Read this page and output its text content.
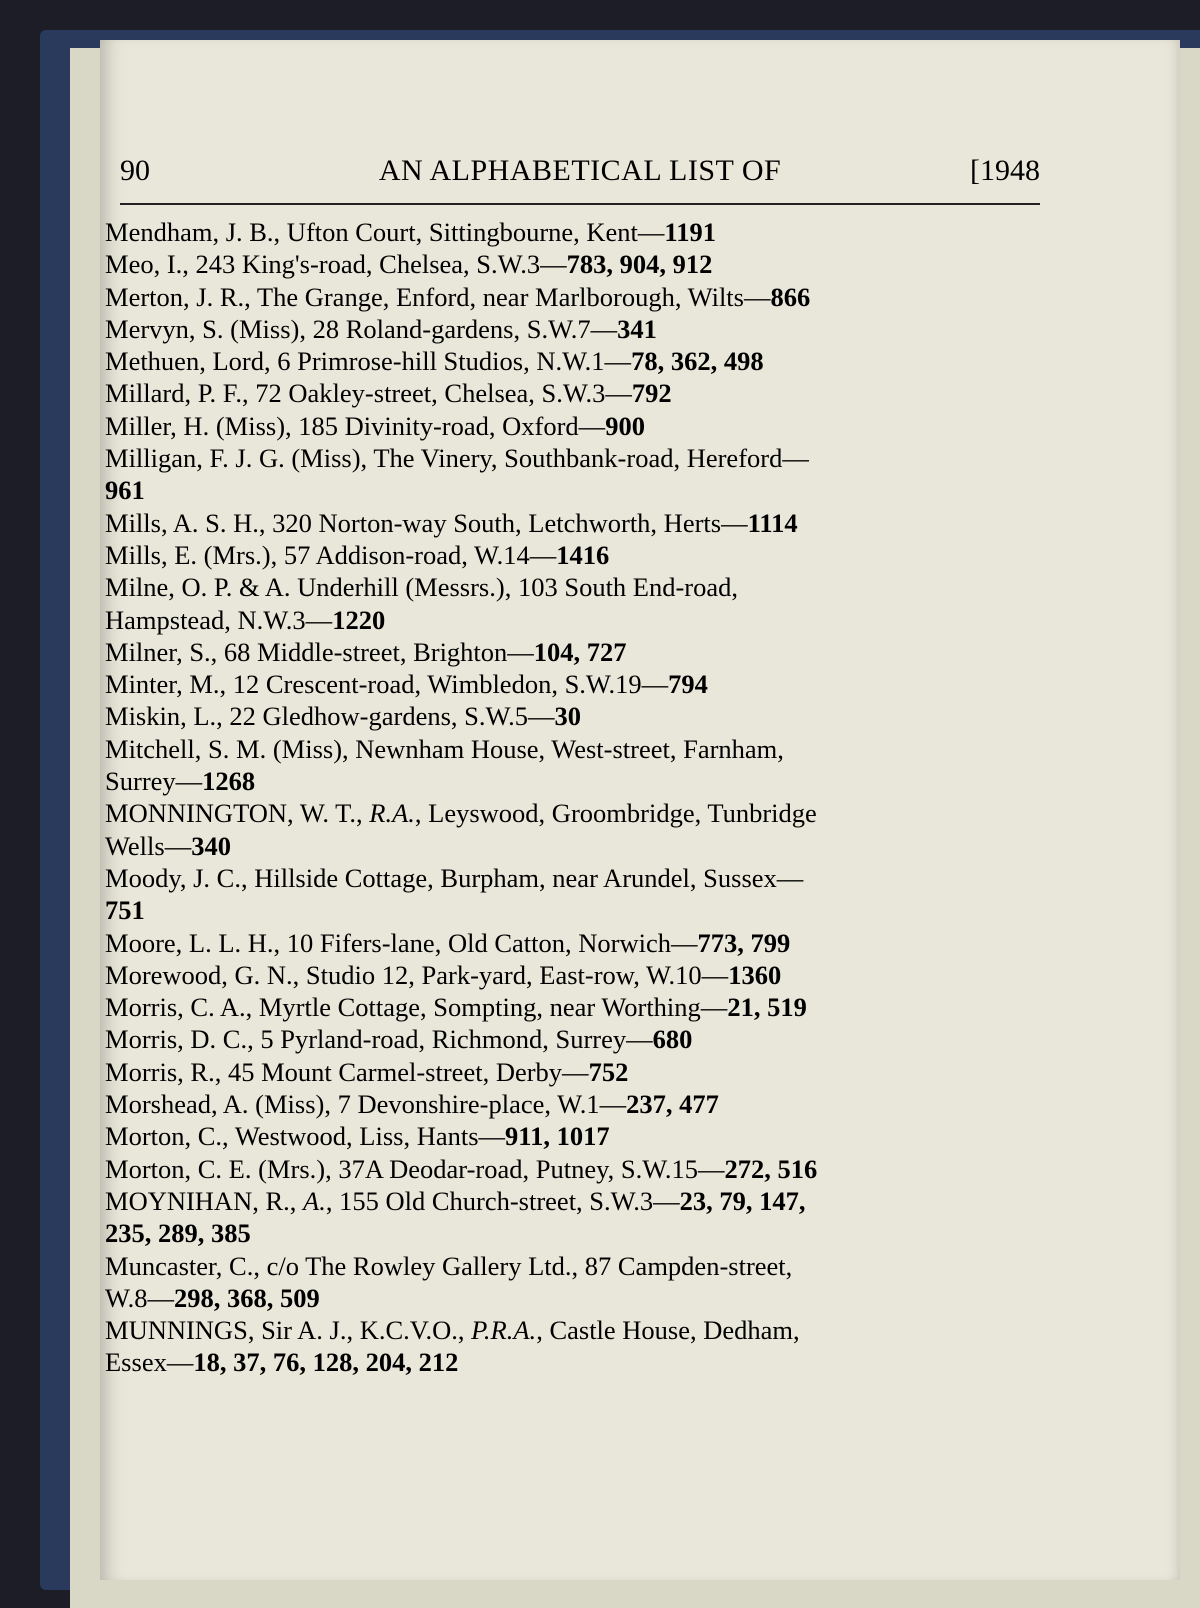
90	AN ALPHABETICAL LIST OF	[1948
Mendham, J. B., Ufton Court, Sittingbourne, Kent—1191
Meo, I., 243 King's-road, Chelsea, S.W.3—783, 904, 912
Merton, J. R., The Grange, Enford, near Marlborough, Wilts—866
Mervyn, S. (Miss), 28 Roland-gardens, S.W.7—341
Methuen, Lord, 6 Primrose-hill Studios, N.W.1—78, 362, 498
Millard, P. F., 72 Oakley-street, Chelsea, S.W.3—792
Miller, H. (Miss), 185 Divinity-road, Oxford—900
Milligan, F. J. G. (Miss), The Vinery, Southbank-road, Hereford—
961
Mills, A. S. H., 320 Norton-way South, Letchworth, Herts—1114
Mills, E. (Mrs.), 57 Addison-road, W.14—1416
Milne, O. P. & A. Underhill (Messrs.), 103 South End-road,
Hampstead, N.W.3—1220
Milner, S., 68 Middle-street, Brighton—104, 727
Minter, M., 12 Crescent-road, Wimbledon, S.W.19—794
Miskin, L., 22 Gledhow-gardens, S.W.5—30
Mitchell, S. M. (Miss), Newnham House, West-street, Farnham,
Surrey—1268
MONNINGTON, W. T., R.A., Leyswood, Groombridge, Tunbridge
Wells—340
Moody, J. C., Hillside Cottage, Burpham, near Arundel, Sussex—
751
Moore, L. L. H., 10 Fifers-lane, Old Catton, Norwich—773, 799
Morewood, G. N., Studio 12, Park-yard, East-row, W.10—1360
Morris, C. A., Myrtle Cottage, Sompting, near Worthing—21, 519
Morris, D. C., 5 Pyrland-road, Richmond, Surrey—680
Morris, R., 45 Mount Carmel-street, Derby—752
Morshead, A. (Miss), 7 Devonshire-place, W.1—237, 477
Morton, C., Westwood, Liss, Hants—911, 1017
Morton, C. E. (Mrs.), 37A Deodar-road, Putney, S.W.15—272, 516
MOYNIHAN, R., A., 155 Old Church-street, S.W.3—23, 79, 147,
235, 289, 385
Muncaster, C., c/o The Rowley Gallery Ltd., 87 Campden-street,
W.8—298, 368, 509
MUNNINGS, Sir A. J., K.C.V.O., P.R.A., Castle House, Dedham,
Essex—18, 37, 76, 128, 204, 212
